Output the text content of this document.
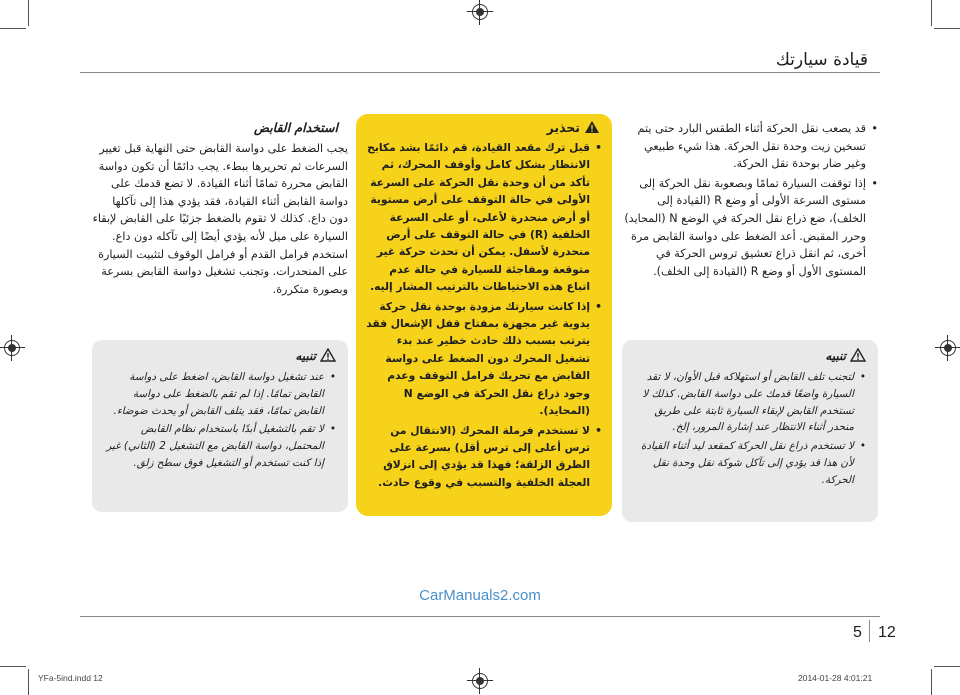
قيادة سيارتك
• قد يصعب نقل الحركة أثناء الطقس البارد حتى يتم تسخين زيت وحدة نقل الحركة. هذا شيء طبيعي وغير ضار بوحدة نقل الحركة.
• إذا توقفت السيارة تمامًا وبصعوبة نقل الحركة إلى مستوى السرعة الأولى أو وضع R (القيادة إلى الخلف)، ضع ذراع نقل الحركة في الوضع N (المحايد) وحرر المقبض. أعد الضغط على دواسة القابض مرة أخرى، ثم انقل ذراع تعشيق تروس الحركة في المستوى الأول أو وضع R (القيادة إلى الخلف).
تنبيه
• لتجنب تلف القابض أو استهلاكه قبل الأوان، لا تقد السيارة واضعًا قدمك على دواسة القابض. كذلك لا تستخدم القابض لإبقاء السيارة ثابتة على طريق منحدر أثناء الانتظار عند إشارة المرور، إلخ.
• لا تستخدم ذراع نقل الحركة كمقعد ليد أثناء القيادة لأن هذا قد يؤدي إلى تآكل شوكة نقل وحدة نقل الحركة.
تحذير
• قبل ترك مقعد القيادة، قم دائمًا بشد مكابح الانتظار بشكل كامل وأوقف المحرك، ثم تأكد من أن وحدة نقل الحركة على السرعة الأولى في حالة التوقف على أرض مستوية أو أرض منحدرة لأعلى، أو على السرعة الخلفية (R) في حالة التوقف على أرض منحدرة لأسفل. يمكن أن تحدث حركة غير متوقعة ومفاجئة للسيارة في حالة عدم اتباع هذه الاحتياطات بالترتيب المشار إليه.
• إذا كانت سيارتك مزودة بوحدة نقل حركة يدوية غير مجهزة بمفتاح قفل الإشعال فقد يترتب بسبب ذلك حادث خطير عند بدء تشغيل المحرك دون الضغط على دواسة القابض مع تحريك فرامل التوقف وعدم وجود ذراع نقل الحركة في الوضع N (المحايد).
• لا تستخدم فرملة المحرك (الانتقال من ترس أعلى إلى ترس أقل) بسرعة على الطرق الزلقة؛ فهذا قد يؤدي إلى انزلاق العجلة الخلفية والتسبب في وقوع حادث.
استخدام القابض
يجب الضغط على دواسة القابض حتى النهاية قبل تغيير السرعات ثم تحريرها ببطء. يجب دائمًا أن تكون دواسة القابض محررة تمامًا أثناء القيادة. لا تضع قدمك على دواسة القابض أثناء القيادة، فقد يؤدي هذا إلى تآكلها دون داع. كذلك لا تقوم بالضغط جزئيًا على القابض لإبقاء السيارة على ميل لأنه يؤدي أيضًا إلى تآكله دون داع. استخدم فرامل القدم أو فرامل الوقوف لتثبيت السيارة على المنحدرات. وتجنب تشغيل دواسة القابض بسرعة وبصورة متكررة.
تنبيه
• عند تشغيل دواسة القابض، اضغط على دواسة القابض تمامًا. إذا لم تقم بالضغط على دواسة القابض تمامًا، فقد يتلف القابض أو يحدث ضوضاء.
• لا تقم بالتشغيل أبدًا باستخدام نظام القابض المحتمل، دواسة القابض مع التشغيل 2 (الثاني) غير إذا كنت تستخدم أو التشغيل فوق سطح زلق.
CarManuals2.com
5 12
YFa-5ind.indd 12	2014-01-28 4:01:21
